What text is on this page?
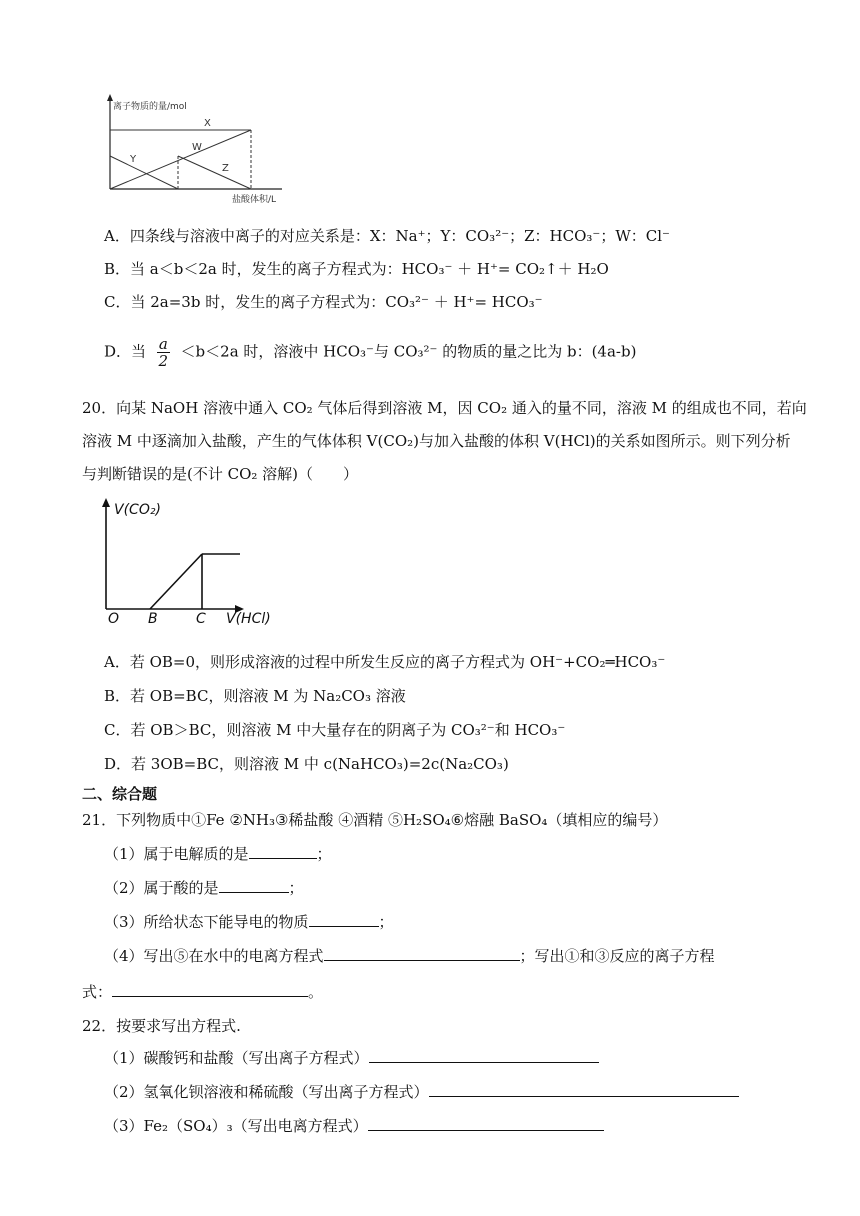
离子物质的量/mol
X
Y
W
Z
盐酸体积/L
A．四条线与溶液中离子的对应关系是：X：Na⁺；Y：CO₃²⁻；Z：HCO₃⁻；W：Cl⁻
B．当 a＜b＜2a 时，发生的离子方程式为：HCO₃⁻ ＋ H⁺= CO₂↑＋ H₂O
C．当 2a=3b 时，发生的离子方程式为：CO₃²⁻ ＋ H⁺= HCO₃⁻
D．当 $\frac{a}{2} <b<2a$ 时，溶液中 HCO₃⁻与 CO₃²⁻ 的物质的量之比为 b：(4a-b)
20．向某 NaOH 溶液中通入 CO₂ 气体后得到溶液 M，因 CO₂ 通入的量不同，溶液 M 的组成也不同，若向
溶液 M 中逐滴加入盐酸，产生的气体体积 V(CO₂)与加入盐酸的体积 V(HCl)的关系如图所示。则下列分析
与判断错误的是(不计 CO₂ 溶解)（　　）
V(CO₂)
O B	C V(HCl)
A．若 OB=0，则形成溶液的过程中所发生反应的离子方程式为 OH⁻+CO₂═HCO₃⁻
B．若 OB=BC，则溶液 M 为 Na₂CO₃ 溶液
C．若 OB＞BC，则溶液 M 中大量存在的阴离子为 CO₃²⁻和 HCO₃⁻
D．若 3OB=BC，则溶液 M 中 c(NaHCO₃)=2c(Na₂CO₃)
二、综合题
21．下列物质中①Fe ②NH₃③稀盐酸 ④酒精 ⑤H₂SO₄⑥熔融 BaSO₄（填相应的编号）
（1）属于电解质的是	；
（2）属于酸的是	；
（3）所给状态下能导电的物质	；
（4）写出⑤在水中的电离方程式	；写出①和③反应的离子方程
式：	。
22．按要求写出方程式.
（1）碳酸钙和盐酸（写出离子方程式）
（2）氢氧化钡溶液和稀硫酸（写出离子方程式）
（3）Fe₂（SO₄）₃（写出电离方程式）
